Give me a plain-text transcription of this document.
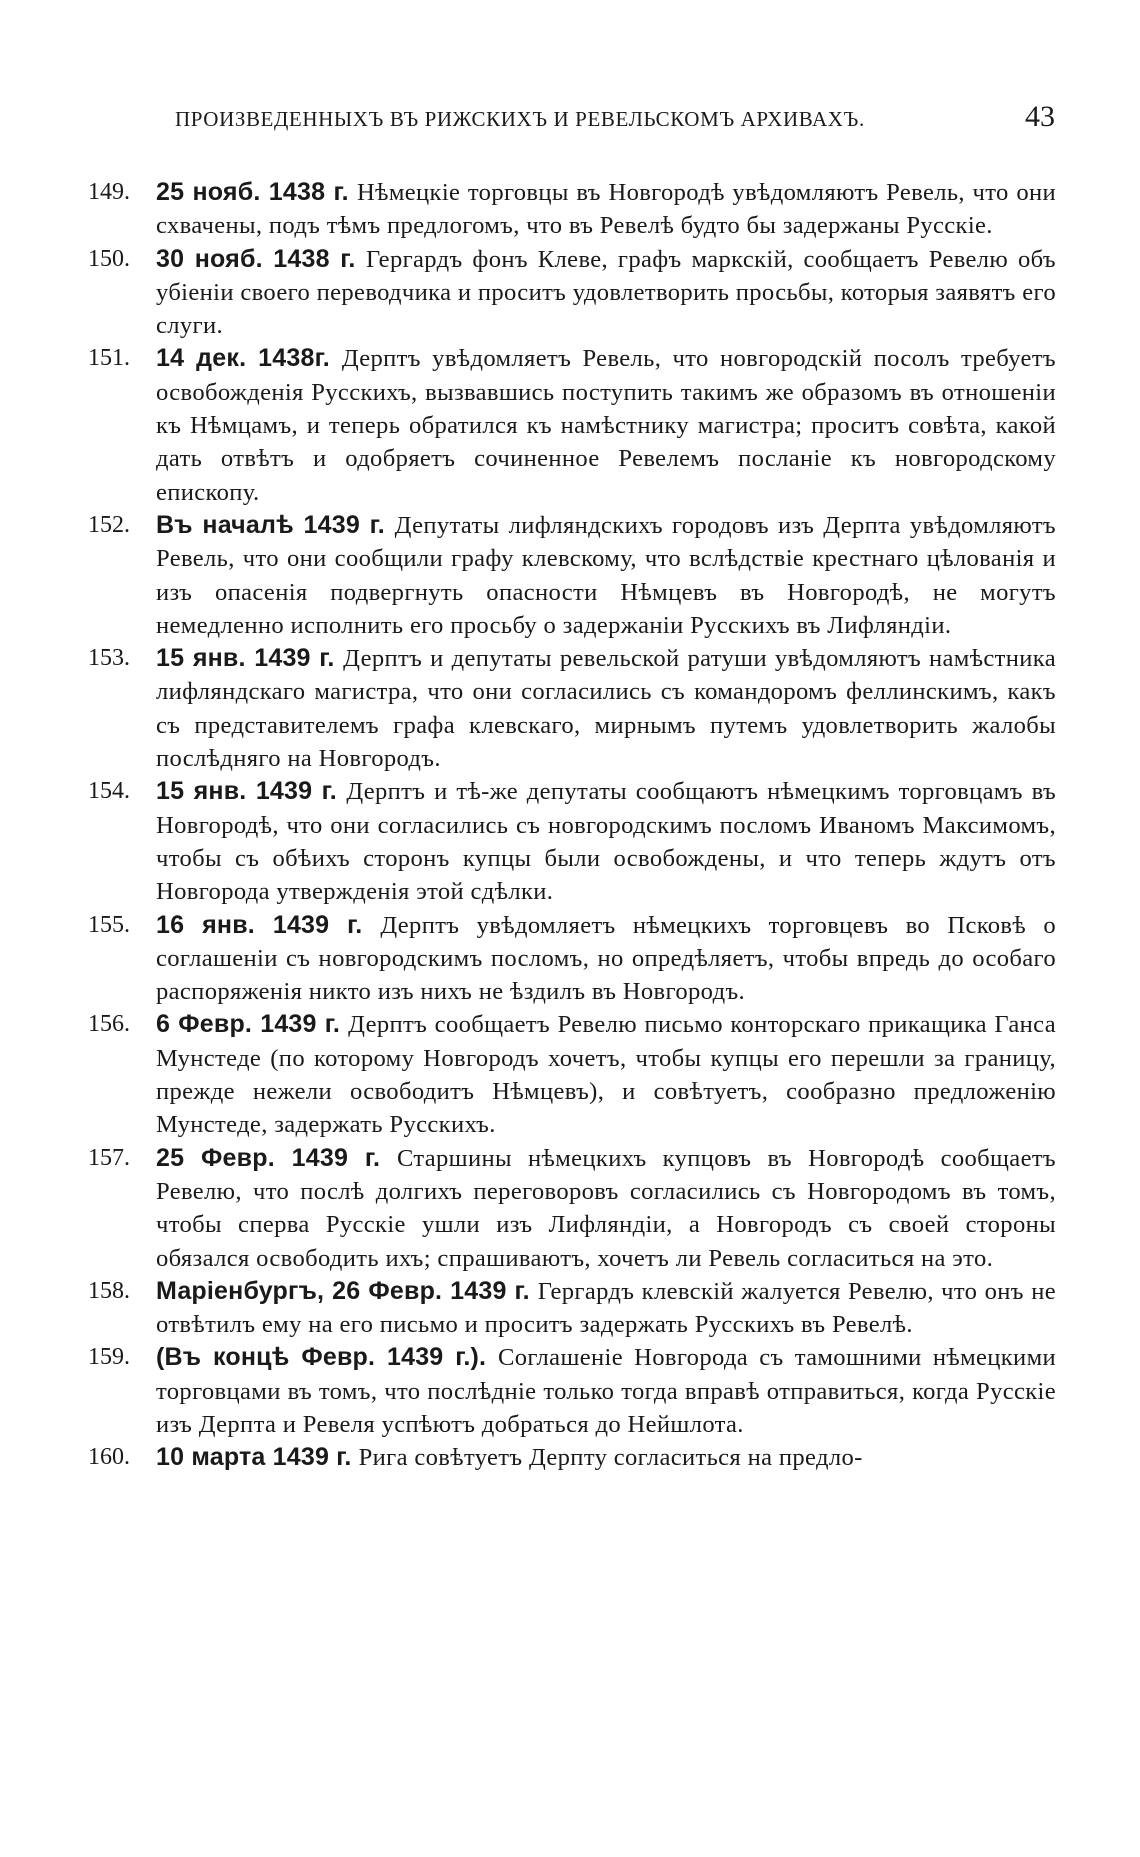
ПРОИЗВЕДЕННЫХЪ ВЪ РИЖСКИХЪ И РЕВЕЛЬСКОМЪ АРХИВАХЪ.	43
149.	25 нояб. 1438 г. Нѣмецкіе торговцы въ Новгородѣ увѣдомляютъ Ревель, что они схвачены, подъ тѣмъ предлогомъ, что въ Ревелѣ будто бы задержаны Русскіе.
150.	30 нояб. 1438 г. Гергардъ фонъ Клеве, графъ маркскій, сообщаетъ Ревелю объ убіеніи своего переводчика и проситъ удовлетворить просьбы, которыя заявятъ его слуги.
151.	14 дек. 1438г. Дерптъ увѣдомляетъ Ревель, что новгородскій посолъ требуетъ освобожденія Русскихъ, вызвавшись поступить такимъ же образомъ въ отношеніи къ Нѣмцамъ, и теперь обратился къ намѣстнику магистра; проситъ совѣта, какой дать отвѣтъ и одобряетъ сочиненное Ревелемъ посланіе къ новгородскому епископу.
152.	Въ началѣ 1439 г. Депутаты лифляндскихъ городовъ изъ Дерпта увѣдомляютъ Ревель, что они сообщили графу клевскому, что вслѣдствіе крестнаго цѣлованія и изъ опасенія подвергнуть опасности Нѣмцевъ въ Новгородѣ, не могутъ немедленно исполнить его просьбу о задержаніи Русскихъ въ Лифляндіи.
153.	15 янв. 1439 г. Дерптъ и депутаты ревельской ратуши увѣдомляютъ намѣстника лифляндскаго магистра, что они согласились съ командоромъ феллинскимъ, какъ съ представителемъ графа клевскаго, мирнымъ путемъ удовлетворить жалобы послѣдняго на Новгородъ.
154.	15 янв. 1439 г. Дерптъ и тѣ-же депутаты сообщаютъ нѣмецкимъ торговцамъ въ Новгородѣ, что они согласились съ новгородскимъ посломъ Иваномъ Максимомъ, чтобы съ обѣихъ сторонъ купцы были освобождены, и что теперь ждутъ отъ Новгорода утвержденія этой сдѣлки.
155.	16 янв. 1439 г. Дерптъ увѣдомляетъ нѣмецкихъ торговцевъ во Псковѣ о соглашеніи съ новгородскимъ посломъ, но опредѣляетъ, чтобы впредь до особаго распоряженія никто изъ нихъ не ѣздилъ въ Новгородъ.
156.	6 Февр. 1439 г. Дерптъ сообщаетъ Ревелю письмо конторскаго прикащика Ганса Мунстеде (по которому Новгородъ хочетъ, чтобы купцы его перешли за границу, прежде нежели освободитъ Нѣмцевъ), и совѣтуетъ, сообразно предложенію Мунстеде, задержать Русскихъ.
157.	25 Февр. 1439 г. Старшины нѣмецкихъ купцовъ въ Новгородѣ сообщаетъ Ревелю, что послѣ долгихъ переговоровъ согласились съ Новгородомъ въ томъ, чтобы сперва Русскіе ушли изъ Лифляндіи, а Новгородъ съ своей стороны обязался освободить ихъ; спрашиваютъ, хочетъ ли Ревель согласиться на это.
158.	Маріенбургъ, 26 Февр. 1439 г. Гергардъ клевскій жалуется Ревелю, что онъ не отвѣтилъ ему на его письмо и проситъ задержать Русскихъ въ Ревелѣ.
159.	(Въ концѣ Февр. 1439 г.). Соглашеніе Новгорода съ тамошними нѣмецкими торговцами въ томъ, что послѣдніе только тогда вправѣ отправиться, когда Русскіе изъ Дерпта и Ревеля успѣютъ добраться до Нейшлота.
160.	10 марта 1439 г. Рига совѣтуетъ Дерпту согласиться на предло-
